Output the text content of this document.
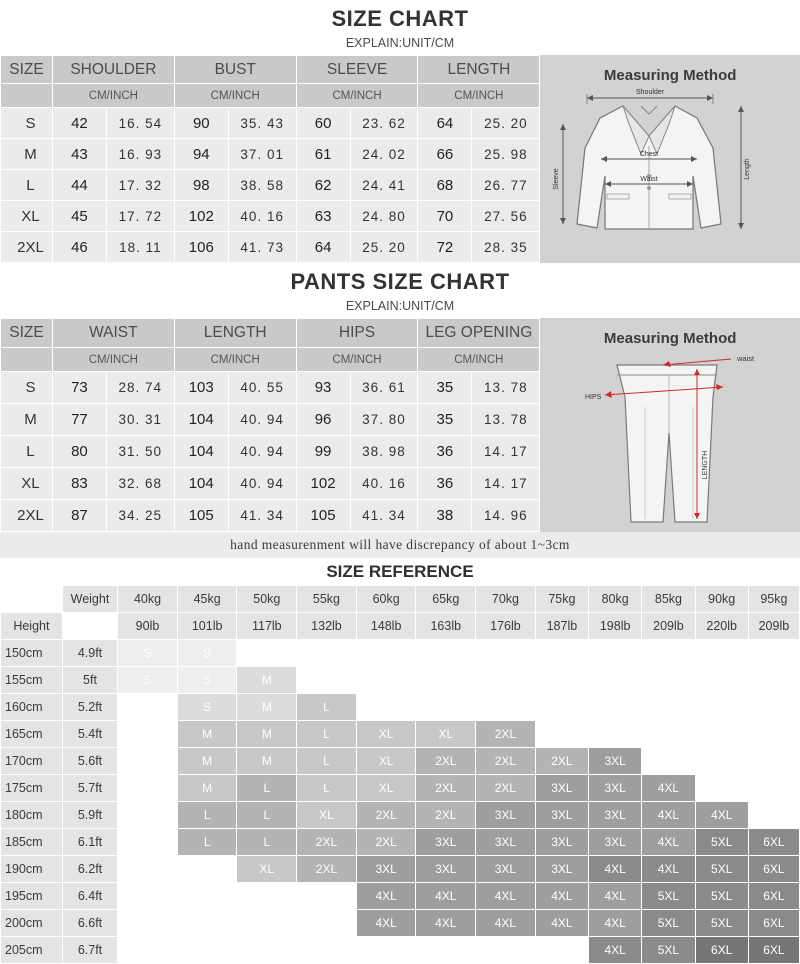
SIZE CHART
EXPLAIN:UNIT/CM
SIZE	SHOULDER		BUST		SLEEVE		LENGTH	
	CM/INCH		CM/INCH		CM/INCH		CM/INCH	
S	42	16. 54	90	35. 43	60	23. 62	64	25. 20
M	43	16. 93	94	37. 01	61	24. 02	66	25. 98
L	44	17. 32	98	38. 58	62	24. 41	68	26. 77
XL	45	17. 72	102	40. 16	63	24. 80	70	27. 56
2XL	46	18. 11	106	41. 73	64	25. 20	72	28. 35
Measuring Method
Shoulder
Chest
Waist
Sleeve	Length
PANTS SIZE CHART
EXPLAIN:UNIT/CM
SIZE	WAIST		LENGTH		HIPS		LEG OPENING	
	CM/INCH		CM/INCH		CM/INCH		CM/INCH	
S	73	28. 74	103	40. 55	93	36. 61	35	13. 78
M	77	30. 31	104	40. 94	96	37. 80	35	13. 78
L	80	31. 50	104	40. 94	99	38. 98	36	14. 17
XL	83	32. 68	104	40. 94	102	40. 16	36	14. 17
2XL	87	34. 25	105	41. 34	105	41. 34	38	14. 96
Measuring Method
waist
HIPS
LENGTH
hand measurenment will have discrepancy of about 1~3cm
SIZE REFERENCE
	Weight	40kg	45kg	50kg	55kg	60kg	65kg	70kg	75kg	80kg	85kg	90kg	95kg
Height		90lb	101lb	117lb	132lb	148lb	163lb	176lb	187lb	198lb	209lb	220lb	209lb
150cm	4.9ft	S	S										
155cm	5ft	S	S	M									
160cm	5.2ft		S	M	L								
165cm	5.4ft		M	M	L	XL	XL	2XL					
170cm	5.6ft		M	M	L	XL	2XL	2XL	2XL	3XL			
175cm	5.7ft		M	L	L	XL	2XL	2XL	3XL	3XL	4XL		
180cm	5.9ft		L	L	XL	2XL	2XL	3XL	3XL	3XL	4XL	4XL	
185cm	6.1ft		L	L	2XL	2XL	3XL	3XL	3XL	3XL	4XL	5XL	6XL
190cm	6.2ft			XL	2XL	3XL	3XL	3XL	3XL	4XL	4XL	5XL	6XL
195cm	6.4ft					4XL	4XL	4XL	4XL	4XL	5XL	5XL	6XL
200cm	6.6ft					4XL	4XL	4XL	4XL	4XL	5XL	5XL	6XL
205cm	6.7ft									4XL	5XL	6XL	6XL
